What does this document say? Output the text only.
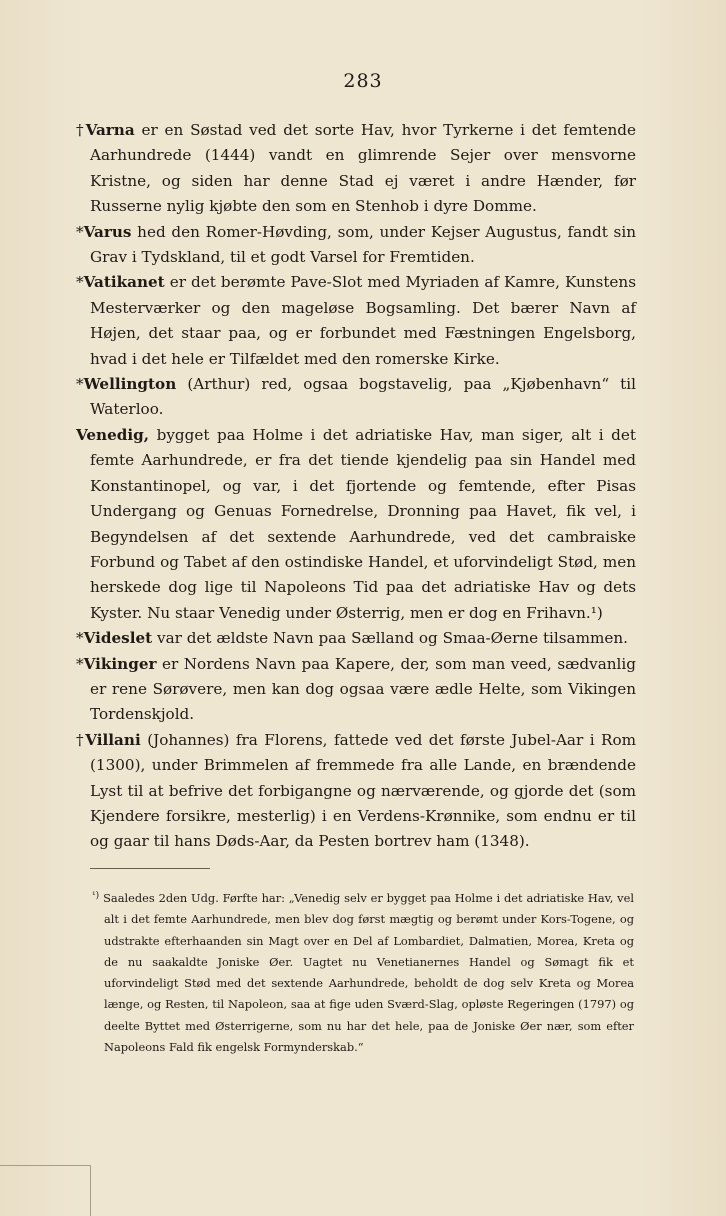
283

†Varna er en Søstad ved det sorte Hav, hvor Tyrkerne i det femtende Aarhundrede (1444) vandt en glimrende Sejer over mensvorne Kristne, og siden har denne Stad ej været i andre Hænder, før Russerne nylig kjøbte den som en Stenhob i dyre Domme.

*Varus hed den Romer-Høvding, som, under Kejser Augustus, fandt sin Grav i Tydskland, til et godt Varsel for Fremtiden.

*Vatikanet er det berømte Pave-Slot med Myriaden af Kamre, Kunstens Mesterværker og den mageløse Bogsamling. Det bærer Navn af Højen, det staar paa, og er forbundet med Fæstningen Engelsborg, hvad i det hele er Tilfældet med den romerske Kirke.

*Wellington (Arthur) red, ogsaa bogstavelig, paa „Kjøbenhavn“ til Waterloo.

Venedig, bygget paa Holme i det adriatiske Hav, man siger, alt i det femte Aarhundrede, er fra det tiende kjendelig paa sin Handel med Konstantinopel, og var, i det fjortende og femtende, efter Pisas Undergang og Genuas Fornedrelse, Dronning paa Havet, fik vel, i Begyndelsen af det sextende Aarhundrede, ved det cambraiske Forbund og Tabet af den ostindiske Handel, et uforvindeligt Stød, men herskede dog lige til Napoleons Tid paa det adriatiske Hav og dets Kyster. Nu staar Venedig under Østerrig, men er dog en Frihavn.¹)

*Videslet var det ældste Navn paa Sælland og Smaa-Øerne tilsammen.

*Vikinger er Nordens Navn paa Kapere, der, som man veed, sædvanlig er rene Sørøvere, men kan dog ogsaa være ædle Helte, som Vikingen Tordenskjold.

†Villani (Johannes) fra Florens, fattede ved det første Jubel-Aar i Rom (1300), under Brimmelen af fremmede fra alle Lande, en brændende Lyst til at befrive det forbigangne og nærværende, og gjorde det (som Kjendere forsikre, mesterlig) i en Verdens-Krønnike, som endnu er til og gaar til hans Døds-Aar, da Pesten bortrev ham (1348).

$^{^1)}$ Saaledes 2den Udg. Førfte har: „Venedig selv er bygget paa Holme i det adriatiske Hav, vel alt i det femte Aarhundrede, men blev dog først mægtig og berømt under Kors-Togene, og udstrakte efterhaanden sin Magt over en Del af Lombardiet, Dalmatien, Morea, Kreta og de nu saakaldte Joniske Øer. Uagtet nu Venetianernes Handel og Sømagt fik et uforvindeligt Stød med det sextende Aarhundrede, beholdt de dog selv Kreta og Morea længe, og Resten, til Napoleon, saa at fige uden Sværd-Slag, opløste Regeringen (1797) og deelte Byttet med Østerrigerne, som nu har det hele, paa de Joniske Øer nær, som efter Napoleons Fald fik engelsk Formynderskab.“
